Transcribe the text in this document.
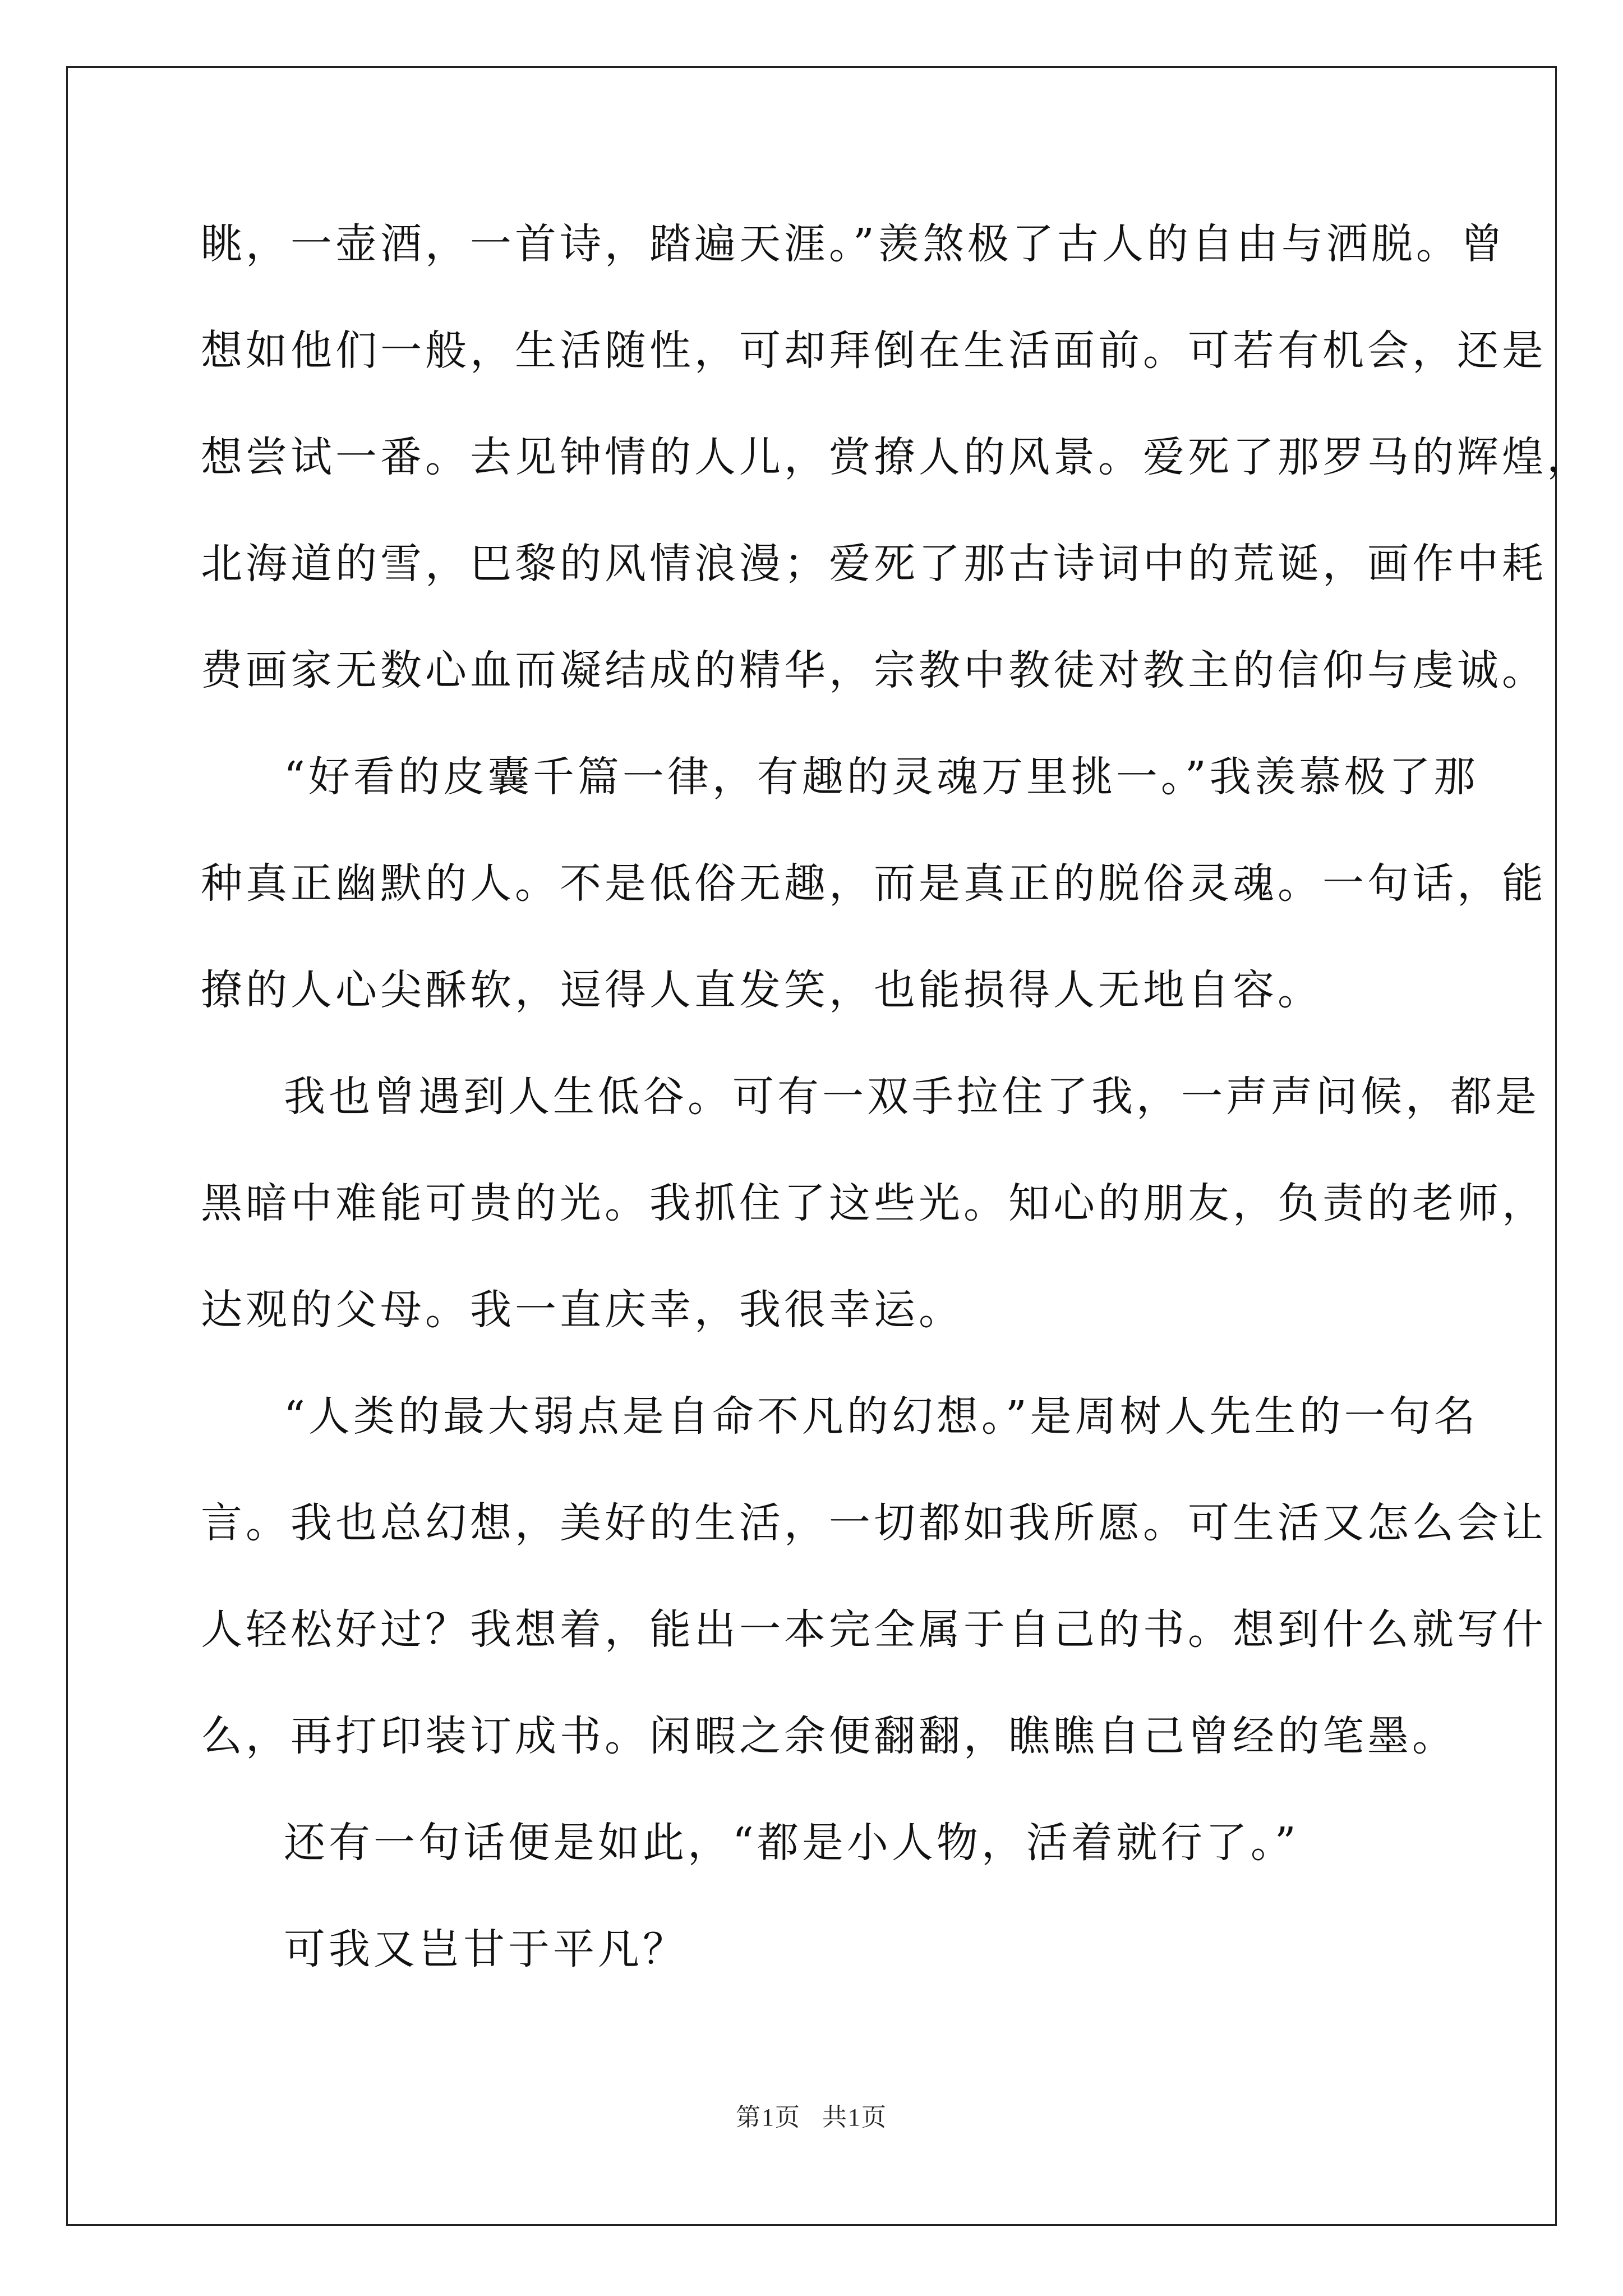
眺，一壶酒，一首诗，踏遍天涯。”羡煞极了古人的自由与洒脱。曾
想如他们一般，生活随性，可却拜倒在生活面前。可若有机会，还是
想尝试一番。去见钟情的人儿，赏撩人的风景。爱死了那罗马的辉煌，
北海道的雪，巴黎的风情浪漫；爱死了那古诗词中的荒诞，画作中耗
费画家无数心血而凝结成的精华，宗教中教徒对教主的信仰与虔诚。
“好看的皮囊千篇一律，有趣的灵魂万里挑一。”我羡慕极了那
种真正幽默的人。不是低俗无趣，而是真正的脱俗灵魂。一句话，能
撩的人心尖酥软，逗得人直发笑，也能损得人无地自容。
我也曾遇到人生低谷。可有一双手拉住了我，一声声问候，都是
黑暗中难能可贵的光。我抓住了这些光。知心的朋友，负责的老师，
达观的父母。我一直庆幸，我很幸运。
“人类的最大弱点是自命不凡的幻想。”是周树人先生的一句名
言。我也总幻想，美好的生活，一切都如我所愿。可生活又怎么会让
人轻松好过？我想着，能出一本完全属于自己的书。想到什么就写什
么，再打印装订成书。闲暇之余便翻翻，瞧瞧自己曾经的笔墨。
还有一句话便是如此，“都是小人物，活着就行了。”
可我又岂甘于平凡？
第1页 共1页
